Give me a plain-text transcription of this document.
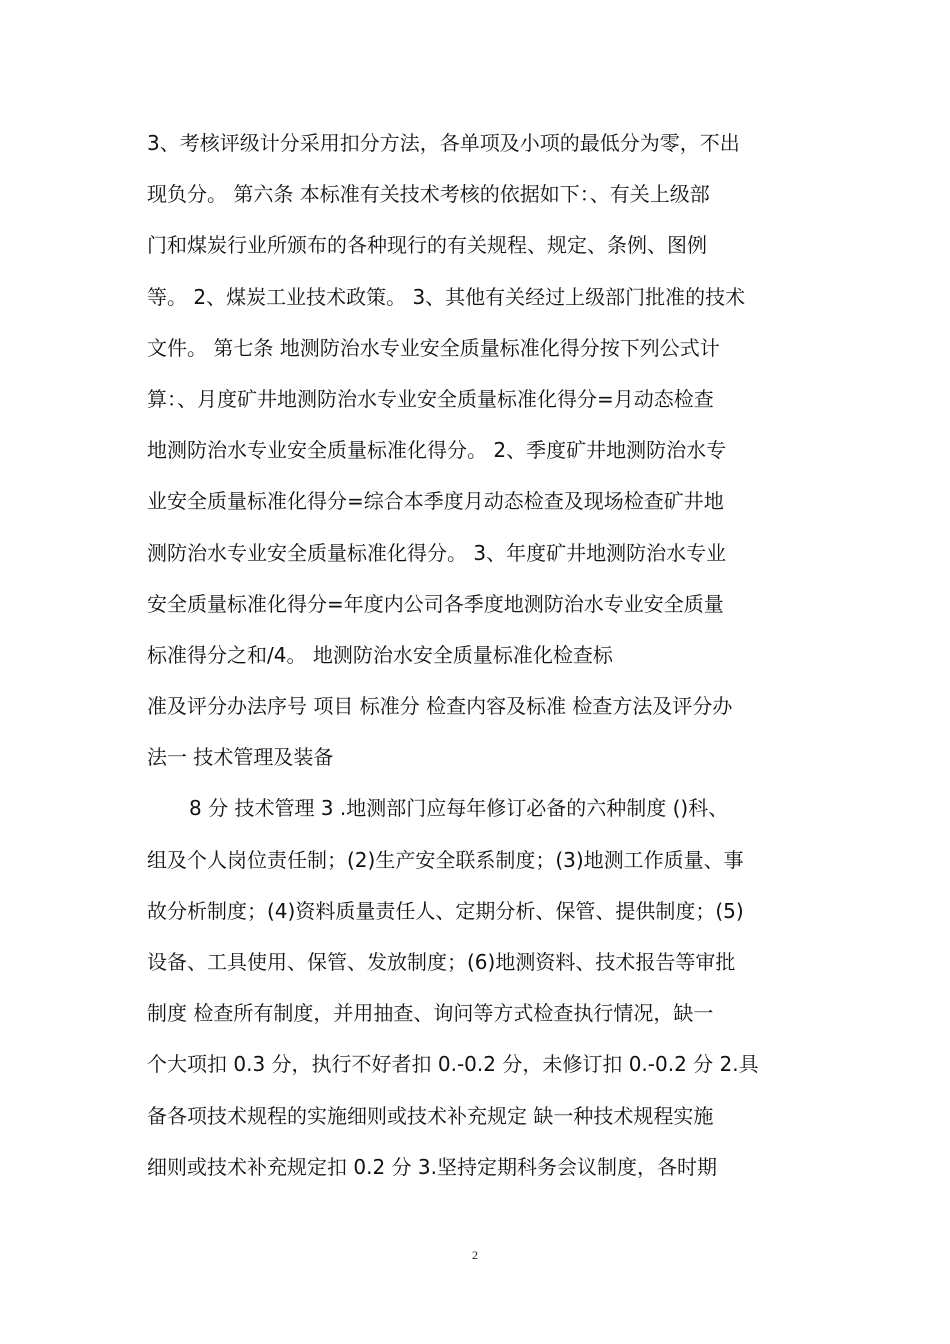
3、考核评级计分采用扣分方法，各单项及小项的最低分为零，不出
现负分。 第六条 本标准有关技术考核的依据如下：、有关上级部
门和煤炭行业所颁布的各种现行的有关规程、规定、条例、图例
等。 2、煤炭工业技术政策。 3、其他有关经过上级部门批准的技术
文件。 第七条 地测防治水专业安全质量标准化得分按下列公式计
算：、月度矿井地测防治水专业安全质量标准化得分=月动态检查
地测防治水专业安全质量标准化得分。 2、季度矿井地测防治水专
业安全质量标准化得分=综合本季度月动态检查及现场检查矿井地
测防治水专业安全质量标准化得分。 3、年度矿井地测防治水专业
安全质量标准化得分=年度内公司各季度地测防治水专业安全质量
标准得分之和/4。 地测防治水安全质量标准化检查标
准及评分办法序号 项目 标准分 检查内容及标准 检查方法及评分办
法一 技术管理及装备
8 分 技术管理 3 .地测部门应每年修订必备的六种制度 ()科、
组及个人岗位责任制；(2)生产安全联系制度；(3)地测工作质量、事
故分析制度；(4)资料质量责任人、定期分析、保管、提供制度；(5)
设备、工具使用、保管、发放制度；(6)地测资料、技术报告等审批
制度 检查所有制度，并用抽查、询问等方式检查执行情况，缺一
个大项扣 0.3 分，执行不好者扣 0.-0.2 分，未修订扣 0.-0.2 分 2.具
备各项技术规程的实施细则或技术补充规定 缺一种技术规程实施
细则或技术补充规定扣 0.2 分 3.坚持定期科务会议制度，各时期
2
